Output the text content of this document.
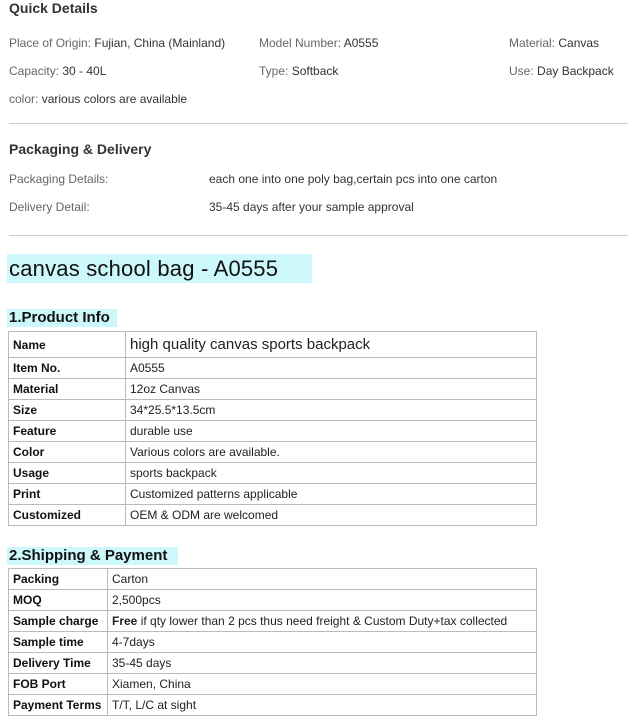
Quick Details
Place of Origin: Fujian, China (Mainland)	Model Number: A0555	Material: Canvas
Capacity: 30 - 40L	Type: Softback	Use: Day Backpack
color: various colors are available
Packaging & Delivery
Packaging Details:	each one into one poly bag,certain pcs into one carton
Delivery Detail:	35-45 days after your sample approval
canvas school bag - A0555
1.Product Info
Name	high quality canvas sports backpack
Item No.	A0555
Material	12oz Canvas
Size	34*25.5*13.5cm
Feature	durable use
Color	Various colors are available.
Usage	sports backpack
Print	Customized patterns applicable
Customized	OEM & ODM are welcomed
2.Shipping & Payment
Packing	Carton
MOQ	2,500pcs
Sample charge	Free if qty lower than 2 pcs thus need freight & Custom Duty+tax collected
Sample time	4-7days
Delivery Time	35-45 days
FOB Port	Xiamen, China
Payment Terms	T/T, L/C at sight
